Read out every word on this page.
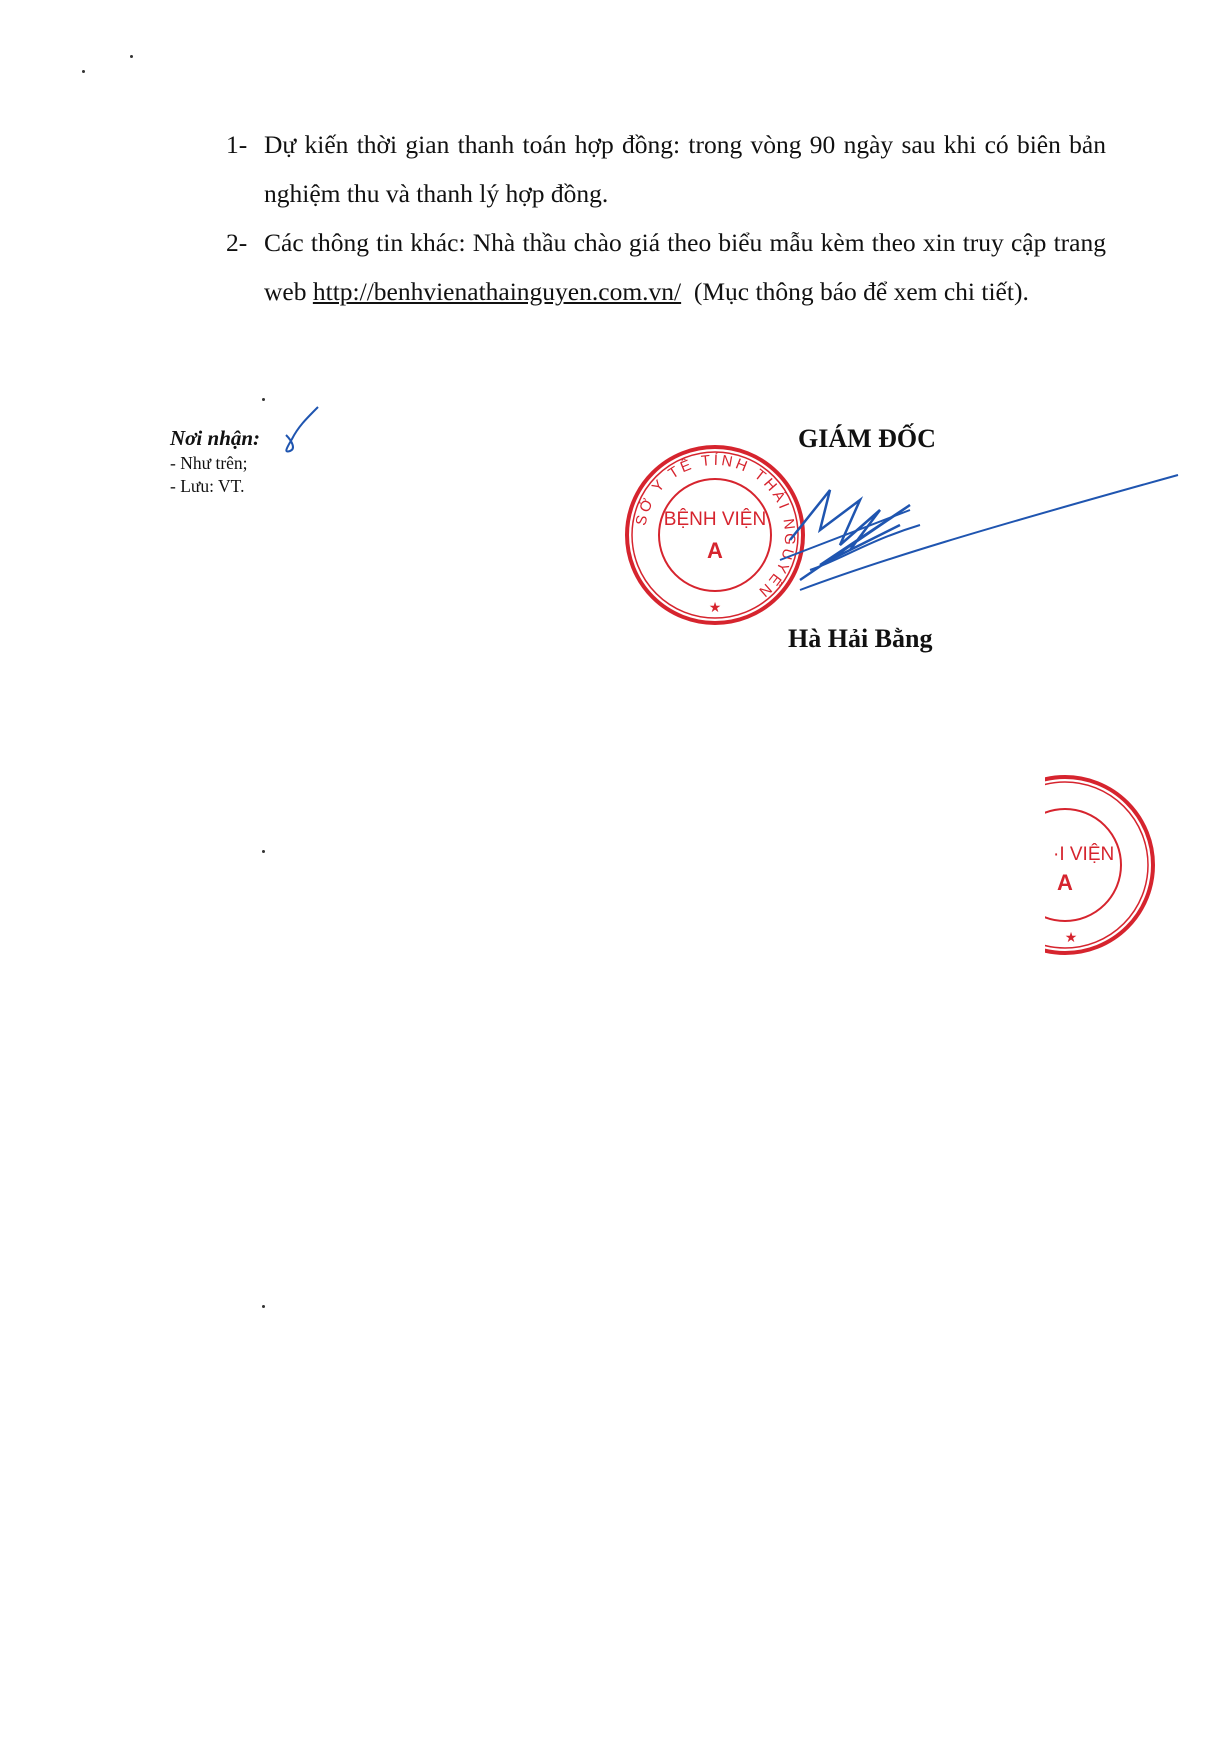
1- Dự kiến thời gian thanh toán hợp đồng: trong vòng 90 ngày sau khi có biên bản nghiệm thu và thanh lý hợp đồng.
2- Các thông tin khác: Nhà thầu chào giá theo biểu mẫu kèm theo xin truy cập trang web http://benhvienathainguyen.com.vn/  (Mục thông báo để xem chi tiết).
Nơi nhận:
- Như trên;
- Lưu: VT.
GIÁM ĐỐC
SỞ Y TẾ TỈNH THÁI NGUYÊN
BỆNH VIỆN
A
★
Hà Hải Bằng
·I VIỆN
A
★
